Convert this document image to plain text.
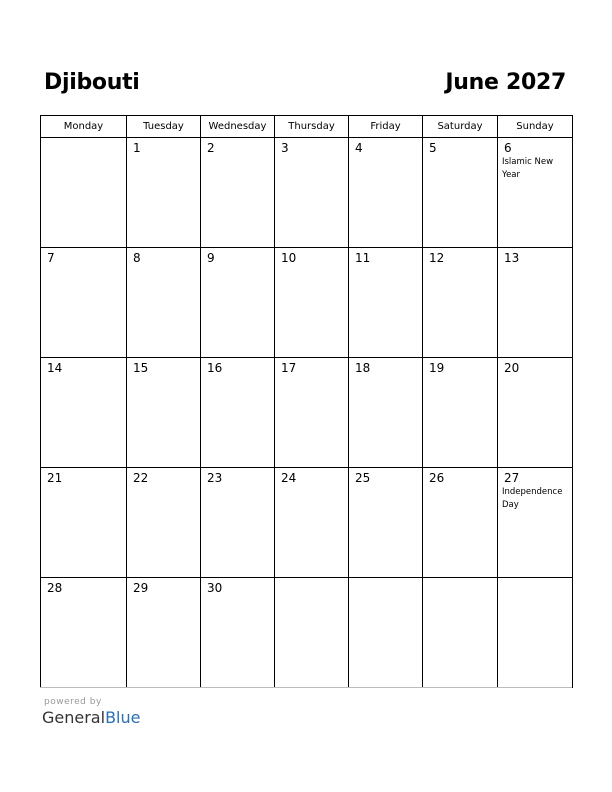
Djibouti	June 2027
Monday	Tuesday	Wednesday	Thursday	Friday	Saturday	Sunday

	1	2	3	4	5	6
Islamic New Year

7	8	9	10	11	12	13

14	15	16	17	18	19	20

21	22	23	24	25	26	27
Independence Day

28	29	30				

powered by
GeneralBlue
